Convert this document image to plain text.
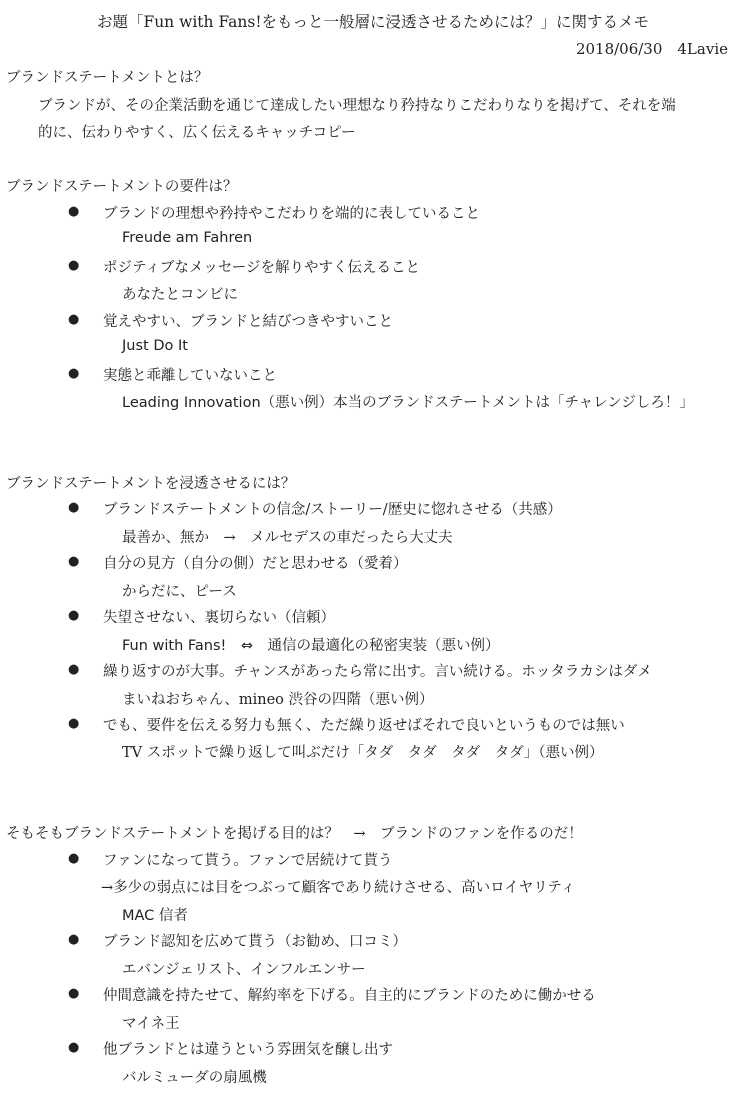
お題「Fun with Fans!をもっと一般層に浸透させるためには？」に関するメモ
2018/06/30　4Lavie
ブランドステートメントとは？
ブランドが、その企業活動を通じて達成したい理想なり矜持なりこだわりなりを掲げて、それを端
的に、伝わりやすく、広く伝えるキャッチコピー
ブランドステートメントの要件は？
● ブランドの理想や矜持やこだわりを端的に表していること
Freude am Fahren
● ポジティブなメッセージを解りやすく伝えること
あなたとコンビに
● 覚えやすい、ブランドと結びつきやすいこと
Just Do It
● 実態と乖離していないこと
Leading Innovation（悪い例）本当のブランドステートメントは「チャレンジしろ！」
ブランドステートメントを浸透させるには？
● ブランドステートメントの信念/ストーリー/歴史に惚れさせる（共感）
最善か、無か　→　メルセデスの車だったら大丈夫
● 自分の見方（自分の側）だと思わせる（愛着）
からだに、ピース
● 失望させない、裏切らない（信頼）
Fun with Fans!　⇔　通信の最適化の秘密実装（悪い例）
● 繰り返すのが大事。チャンスがあったら常に出す。言い続ける。ホッタラカシはダメ
まいねおちゃん、mineo 渋谷の四階（悪い例）
● でも、要件を伝える努力も無く、ただ繰り返せばそれで良いというものでは無い
TV スポットで繰り返して叫ぶだけ「タダ　タダ　タダ　タダ」（悪い例）
そもそもブランドステートメントを掲げる目的は？　→　ブランドのファンを作るのだ！
● ファンになって貰う。ファンで居続けて貰う
→多少の弱点には目をつぶって顧客であり続けさせる、高いロイヤリティ
MAC 信者
● ブランド認知を広めて貰う（お勧め、口コミ）
エバンジェリスト、インフルエンサー
● 仲間意識を持たせて、解約率を下げる。自主的にブランドのために働かせる
マイネ王
● 他ブランドとは違うという雰囲気を醸し出す
バルミューダの扇風機
